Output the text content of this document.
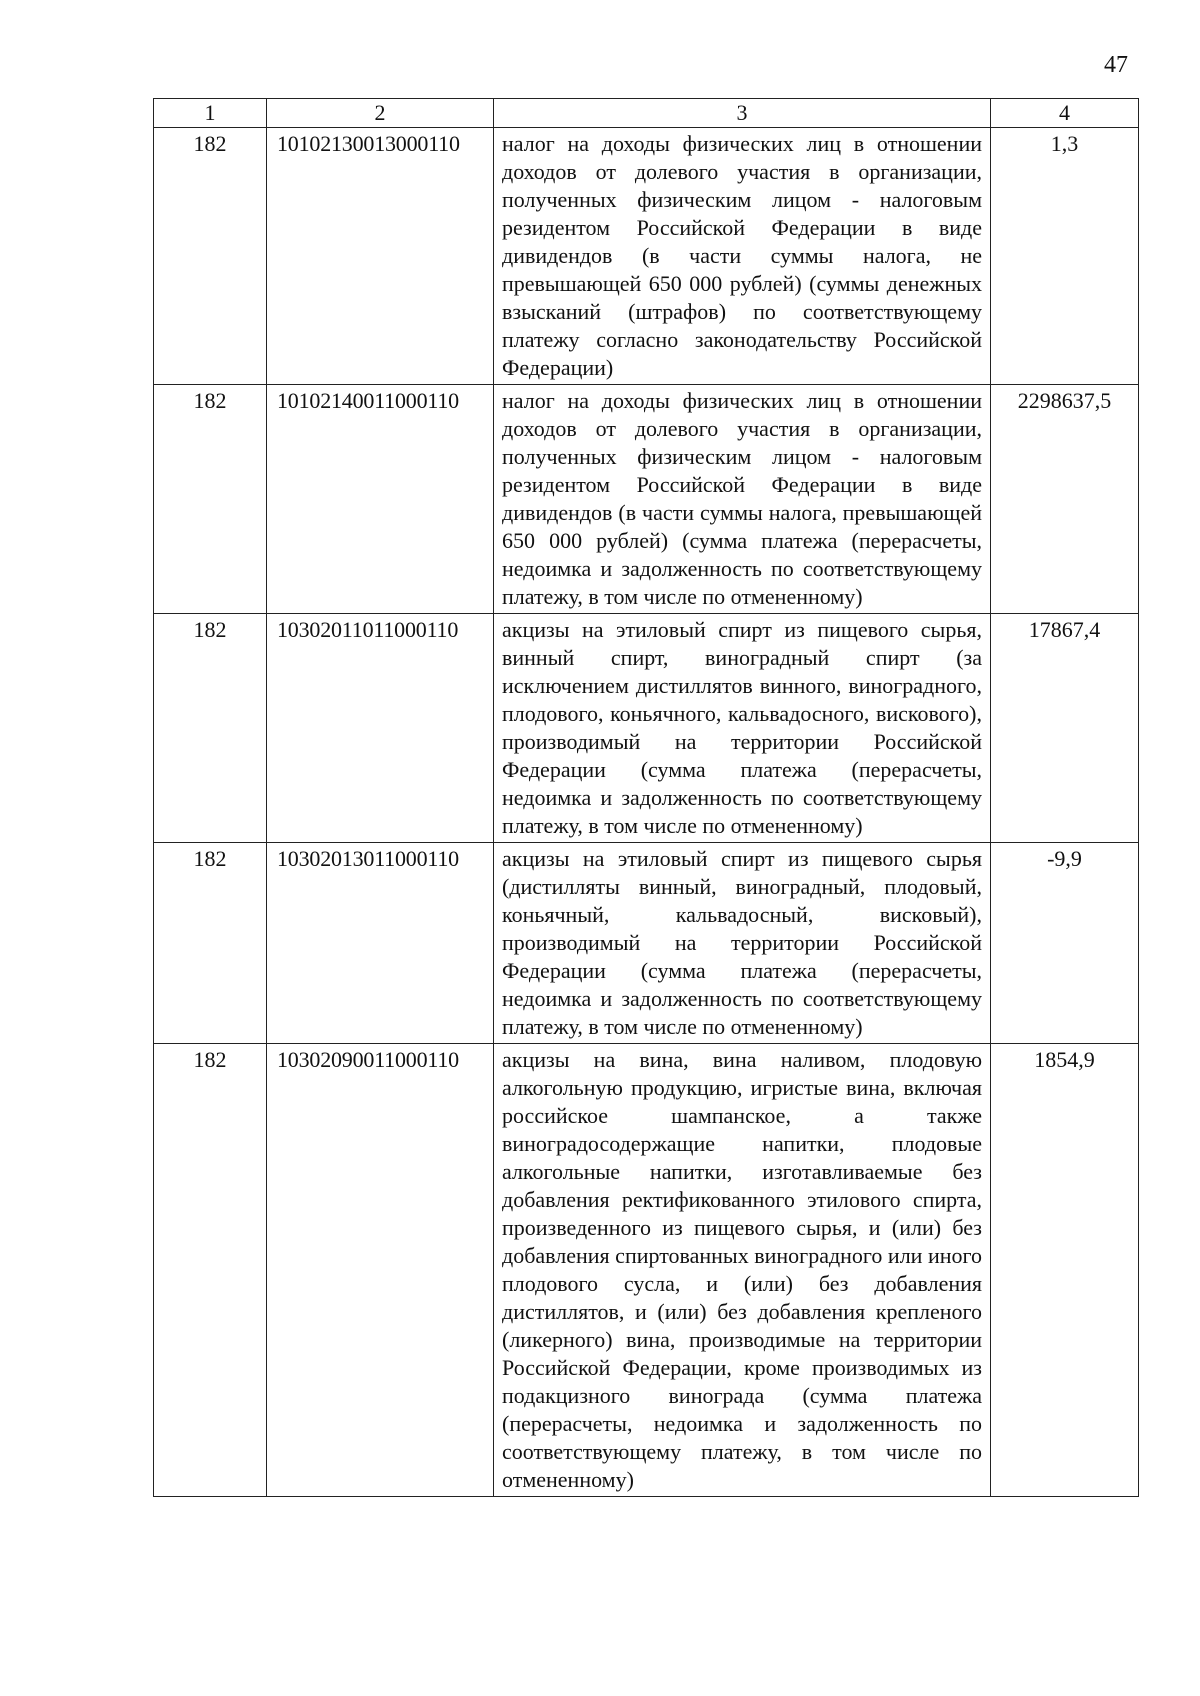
47
1	2	3	4
182	10102130013000110	налог на доходы физических лиц в отношении доходов от долевого участия в организации, полученных физическим лицом - налоговым резидентом Российской Федерации в виде дивидендов (в части суммы налога, не превышающей 650 000 рублей) (суммы денежных взысканий (штрафов) по соответствующему платежу согласно законодательству Российской Федерации)	1,3
182	10102140011000110	налог на доходы физических лиц в отношении доходов от долевого участия в организации, полученных физическим лицом - налоговым резидентом Российской Федерации в виде дивидендов (в части суммы налога, превышающей 650 000 рублей) (сумма платежа (перерасчеты, недоимка и задолженность по соответствующему платежу, в том числе по отмененному)	2298637,5
182	10302011011000110	акцизы на этиловый спирт из пищевого сырья, винный спирт, виноградный спирт (за исключением дистиллятов винного, виноградного, плодового, коньячного, кальвадосного, вискового), производимый на территории Российской Федерации (сумма платежа (перерасчеты, недоимка и задолженность по соответствующему платежу, в том числе по отмененному)	17867,4
182	10302013011000110	акцизы на этиловый спирт из пищевого сырья (дистилляты винный, виноградный, плодовый, коньячный, кальвадосный, висковый), производимый на территории Российской Федерации (сумма платежа (перерасчеты, недоимка и задолженность по соответствующему платежу, в том числе по отмененному)	-9,9
182	10302090011000110	акцизы на вина, вина наливом, плодовую алкогольную продукцию, игристые вина, включая российское шампанское, а также виноградосодержащие напитки, плодовые алкогольные напитки, изготавливаемые без добавления ректификованного этилового спирта, произведенного из пищевого сырья, и (или) без добавления спиртованных виноградного или иного плодового сусла, и (или) без добавления дистиллятов, и (или) без добавления крепленого (ликерного) вина, производимые на территории Российской Федерации, кроме производимых из подакцизного винограда (сумма платежа (перерасчеты, недоимка и задолженность по соответствующему платежу, в том числе по отмененному)	1854,9
